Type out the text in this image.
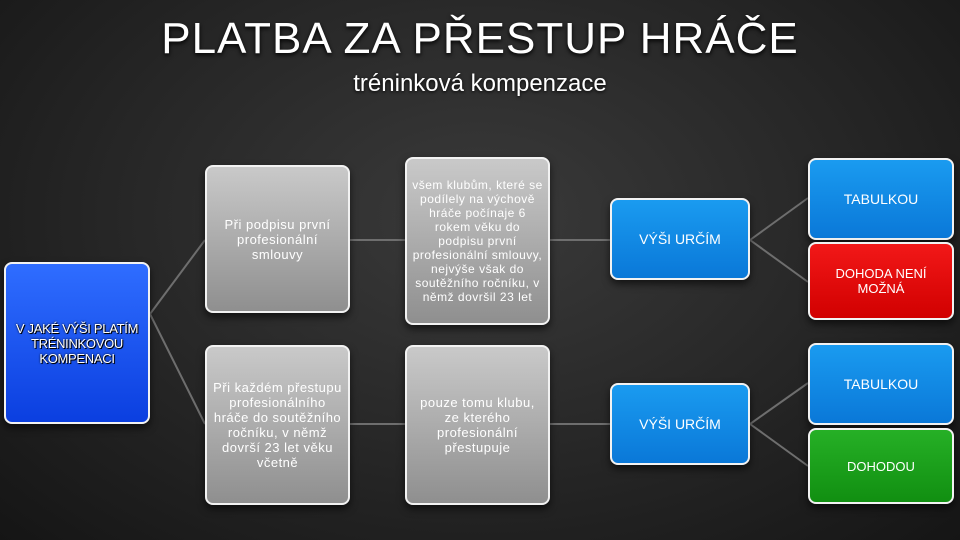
PLATBA ZA PŘESTUP HRÁČE
tréninková kompenzace
V JAKÉ VÝŠI PLATÍM TRÉNINKOVOU KOMPENACI
Při podpisu první profesionální smlouvy
Při každém přestupu profesionálního hráče do soutěžního ročníku, v němž dovrší 23 let věku včetně
všem klubům, které se podílely na výchově hráče počínaje 6 rokem věku do podpisu první profesionální smlouvy, nejvýše však do soutěžního ročníku, v němž dovršil 23 let
pouze tomu klubu, ze kterého profesionální přestupuje
VÝŠI URČÍM
VÝŠI URČÍM
TABULKOU
DOHODA NENÍ MOŽNÁ
TABULKOU
DOHODOU
